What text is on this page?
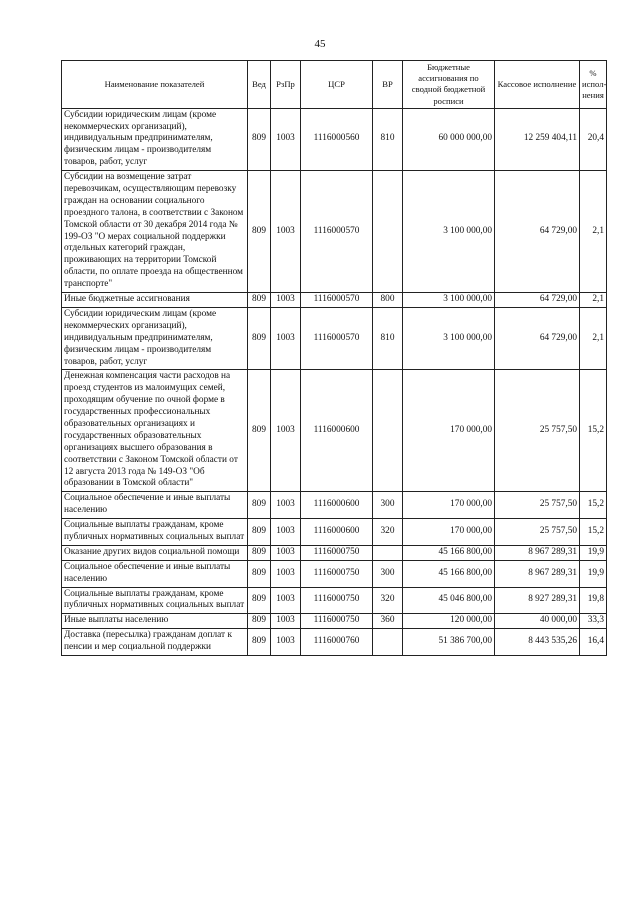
45
Наименование показателей	Вед	РзПр	ЦСР	ВР	Бюджетные ассигнования по сводной бюджетной росписи	Кассовое исполнение	% испол-нения
Субсидии юридическим лицам (кроме некоммерческих организаций), индивидуальным предпринимателям, физическим лицам - производителям товаров, работ, услуг	809	1003	1116000560	810	60 000 000,00	12 259 404,11	20,4
Субсидии на возмещение затрат перевозчикам, осуществляющим перевозку граждан на основании социального проездного талона, в соответствии с Законом Томской области от 30 декабря 2014 года № 199-ОЗ "О мерах социальной поддержки отдельных категорий граждан, проживающих на территории Томской области, по оплате проезда на общественном транспорте"	809	1003	1116000570		3 100 000,00	64 729,00	2,1
Иные бюджетные ассигнования	809	1003	1116000570	800	3 100 000,00	64 729,00	2,1
Субсидии юридическим лицам (кроме некоммерческих организаций), индивидуальным предпринимателям, физическим лицам - производителям товаров, работ, услуг	809	1003	1116000570	810	3 100 000,00	64 729,00	2,1
Денежная компенсация части расходов на проезд студентов из малоимущих семей, проходящим обучение по очной форме в государственных профессиональных образовательных организациях и государственных образовательных организациях высшего образования в соответствии с Законом Томской области от 12 августа 2013 года № 149-ОЗ "Об образовании в Томской области"	809	1003	1116000600		170 000,00	25 757,50	15,2
Социальное обеспечение и иные выплаты населению	809	1003	1116000600	300	170 000,00	25 757,50	15,2
Социальные выплаты гражданам, кроме публичных нормативных социальных выплат	809	1003	1116000600	320	170 000,00	25 757,50	15,2
Оказание других видов социальной помощи	809	1003	1116000750		45 166 800,00	8 967 289,31	19,9
Социальное обеспечение и иные выплаты населению	809	1003	1116000750	300	45 166 800,00	8 967 289,31	19,9
Социальные выплаты гражданам, кроме публичных нормативных социальных выплат	809	1003	1116000750	320	45 046 800,00	8 927 289,31	19,8
Иные выплаты населению	809	1003	1116000750	360	120 000,00	40 000,00	33,3
Доставка (пересылка) гражданам доплат к пенсии и мер социальной поддержки	809	1003	1116000760		51 386 700,00	8 443 535,26	16,4
